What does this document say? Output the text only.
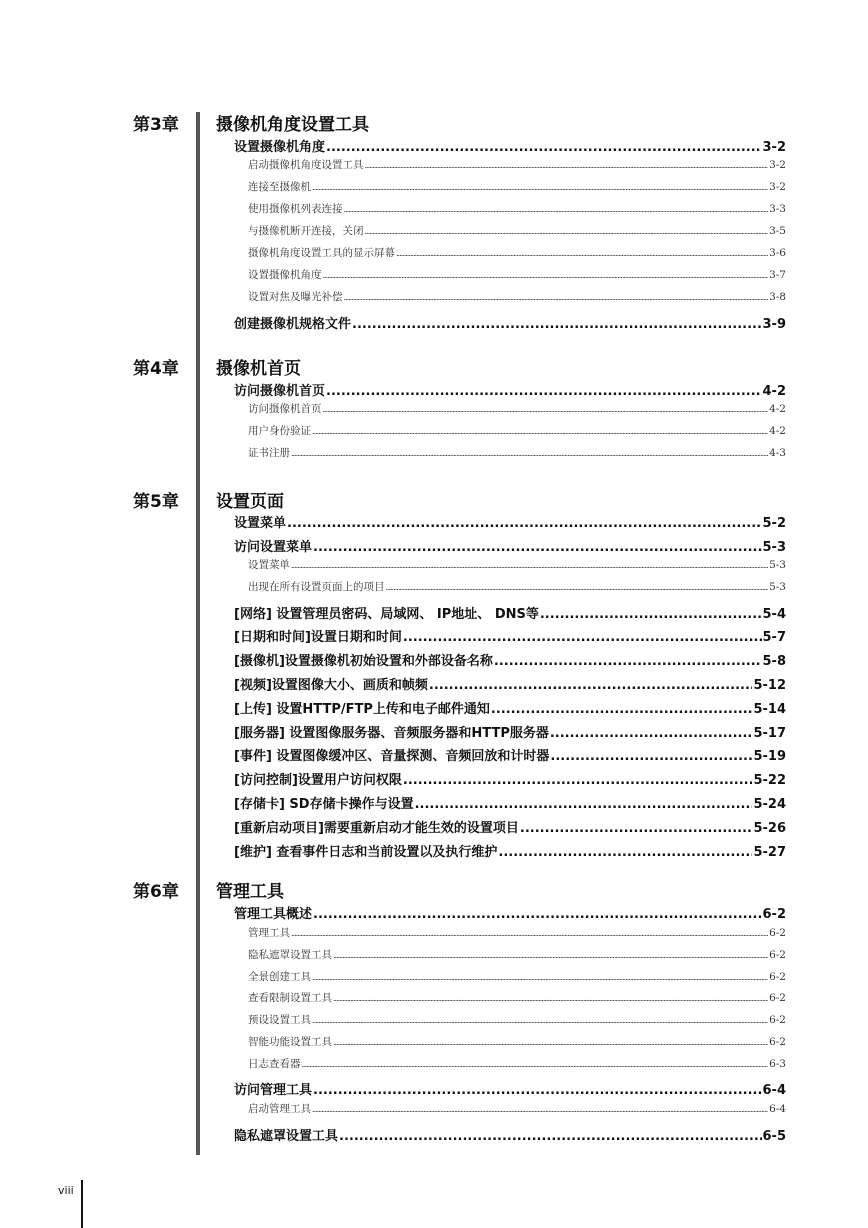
第3章 摄像机角度设置工具
设置摄像机角度 .....	3-2
启动摄像机角度设置工具 .....	3-2
连接至摄像机 .....	3-2
使用摄像机列表连接 .....	3-3
与摄像机断开连接，关闭 .....	3-5
摄像机角度设置工具的显示屏幕 .....	3-6
设置摄像机角度 .....	3-7
设置对焦及曝光补偿 .....	3-8
创建摄像机规格文件 .....	3-9
第4章 摄像机首页
访问摄像机首页 .....	4-2
访问摄像机首页 .....	4-2
用户身份验证 .....	4-2
证书注册 .....	4-3
第5章 设置页面
设置菜单 .....	5-2
访问设置菜单 .....	5-3
设置菜单 .....	5-3
出现在所有设置页面上的项目 .....	5-3
[网络] 设置管理员密码、局域网、 IP地址、 DNS等 .....	5-4
[日期和时间]设置日期和时间 .....	5-7
[摄像机]设置摄像机初始设置和外部设备名称 .....	5-8
[视频]设置图像大小、画质和帧频 .....	5-12
[上传] 设置HTTP/FTP上传和电子邮件通知 .....	5-14
[服务器] 设置图像服务器、音频服务器和HTTP服务器 .....	5-17
[事件] 设置图像缓冲区、音量探测、音频回放和计时器 .....	5-19
[访问控制]设置用户访问权限 .....	5-22
[存储卡] SD存储卡操作与设置 .....	5-24
[重新启动项目]需要重新启动才能生效的设置项目 .....	5-26
[维护] 查看事件日志和当前设置以及执行维护 .....	5-27
第6章 管理工具
管理工具概述 .....	6-2
管理工具 .....	6-2
隐私遮罩设置工具 .....	6-2
全景创建工具 .....	6-2
查看限制设置工具 .....	6-2
预设设置工具 .....	6-2
智能功能设置工具 .....	6-2
日志查看器 .....	6-3
访问管理工具 .....	6-4
启动管理工具 .....	6-4
隐私遮罩设置工具 .....	6-5
viii
